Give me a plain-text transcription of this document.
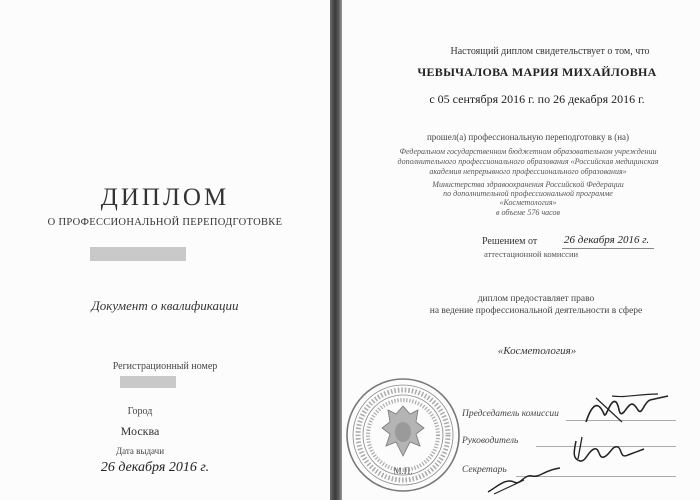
ДИПЛОМ
О ПРОФЕССИОНАЛЬНОЙ ПЕРЕПОДГОТОВКЕ
Документ о квалификации
Регистрационный номер
Город
Москва
Дата выдачи
26 декабря 2016 г.
Настоящий диплом свидетельствует о том, что
ЧЕВЫЧАЛОВА МАРИЯ МИХАЙЛОВНА
с 05 сентября 2016 г. по 26 декабря 2016 г.
прошел(а) профессиональную переподготовку в (на)
Федеральном государственном бюджетном образовательном учреждении
дополнительного профессионального образования «Российская медицинская
академия непрерывного профессионального образования»
Министерства здравоохранения Российской Федерации
по дополнительной профессиональной программе
«Косметология»
в объеме 576 часов
Решением от 26 декабря 2016 г.
аттестационной комиссии
диплом предоставляет право
на ведение профессиональной деятельности в сфере
«Косметология»
М.П.
Председатель комиссии
Руководитель
Секретарь
